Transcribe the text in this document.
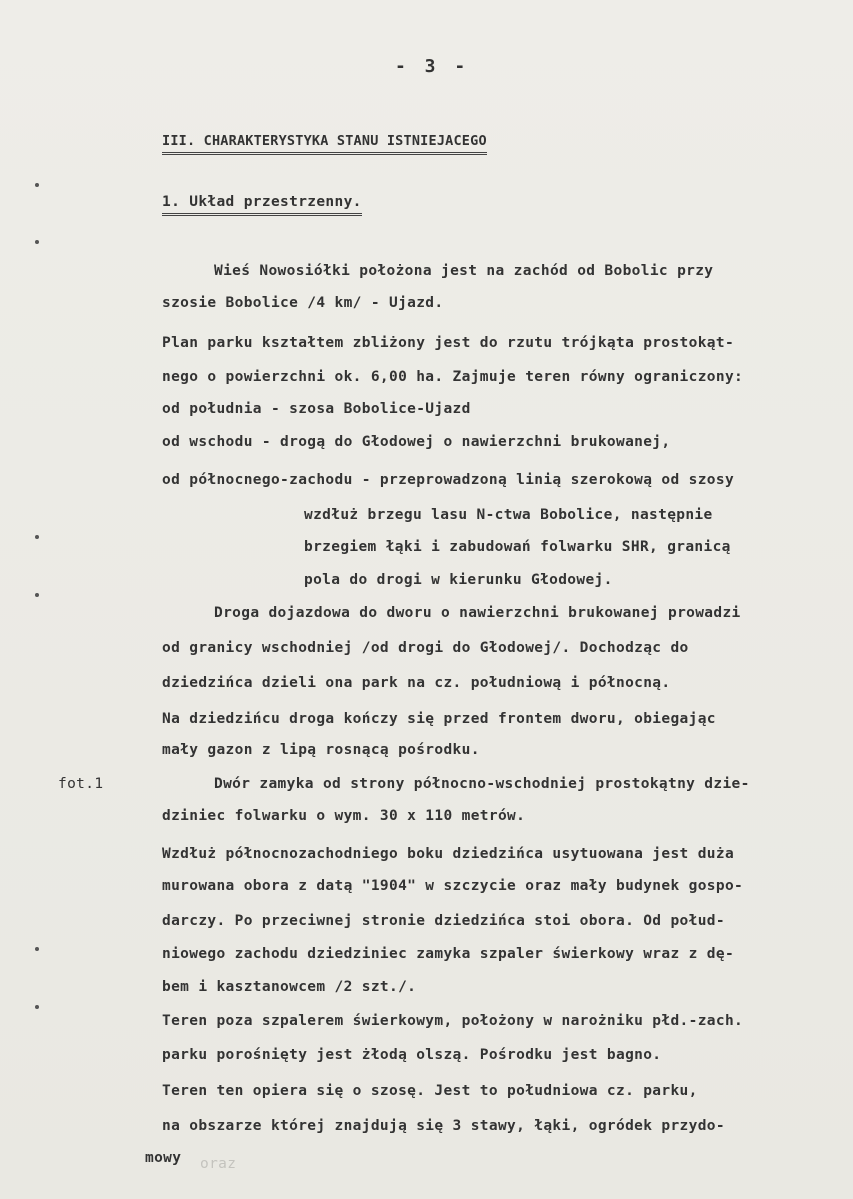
- 3 -
III. CHARAKTERYSTYKA STANU ISTNIEJACEGO
1. Układ przestrzenny.
fot.1
Wieś Nowosiółki położona jest na zachód od Bobolic przy
szosie Bobolice /4 km/ - Ujazd.
Plan parku kształtem zbliżony jest do rzutu trójkąta prostokąt-
nego o powierzchni ok. 6,00 ha. Zajmuje teren równy ograniczony:
od południa - szosa Bobolice-Ujazd
od wschodu - drogą do Głodowej o nawierzchni brukowanej,
od północnego-zachodu - przeprowadzoną linią szerokową od szosy
wzdłuż brzegu lasu N-ctwa Bobolice, następnie
brzegiem łąki i zabudowań folwarku SHR, granicą
pola do drogi w kierunku Głodowej.
Droga dojazdowa do dworu o nawierzchni brukowanej prowadzi
od granicy wschodniej /od drogi do Głodowej/. Dochodząc do
dziedzińca dzieli ona park na cz. południową i północną.
Na dziedzińcu droga kończy się przed frontem dworu, obiegając
mały gazon z lipą rosnącą pośrodku.
Dwór zamyka od strony północno-wschodniej prostokątny dzie-
dziniec folwarku o wym. 30 x 110 metrów.
Wzdłuż północnozachodniego boku dziedzińca usytuowana jest duża
murowana obora z datą "1904" w szczycie oraz mały budynek gospo-
darczy. Po przeciwnej stronie dziedzińca stoi obora. Od połud-
niowego zachodu dziedziniec zamyka szpaler świerkowy wraz z dę-
bem i kasztanowcem /2 szt./.
Teren poza szpalerem świerkowym, położony w narożniku płd.-zach.
parku porośnięty jest żłodą olszą. Pośrodku jest bagno.
Teren ten opiera się o szosę. Jest to południowa cz. parku,
na obszarze której znajdują się 3 stawy, łąki, ogródek przydo-
mowy oraz
